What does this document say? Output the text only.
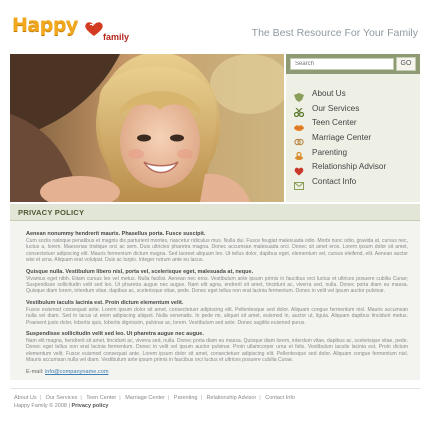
Happy
family	The Best Resource For Your Family
Search
GO
About Us
Our Services
Teen Center
Marriage Center
Parenting
Relationship Advisor
Contact Info
PRIVACY POLICY
Aenean nonummy hendrerit mauris. Phasellus porta. Fusce suscipit.
Cum sociis natoque penatibus et magnis dis parturient montes, nascetur ridiculus mus. Nulla dui. Fusce feugiat malesuada odio. Morbi nunc odio, gravida at, cursus nec, luctus a, lorem. Maecenas tristique orci ac sem. Duis ultricies pharetra magna. Donec accumsan malesuada orci. Donec sit amet eros. Lorem ipsum dolor sit amet, consectetuer adipiscing elit. Mauris fermentum dictum magna. Sed laoreet aliquam leo. Ut tellus dolor, dapibus eget, elementum vel, cursus eleifend, elit. Aenean auctor wisi et urna. Aliquam erat volutpat. Duis ac turpis. Integer rutrum ante eu lacus.
Quisque nulla. Vestibulum libero nisl, porta vel, scelerisque eget, malesuada at, neque.
Vivamus eget nibh. Etiam cursus leo vel metus. Nulla facilisi. Aenean nec eros. Vestibulum ante ipsum primis in faucibus orci luctus et ultrices posuere cubilia Curae; Suspendisse sollicitudin velit sed leo. Ut pharetra augue nec augue. Nam elit agna, endrerit sit amet, tincidunt ac, viverra sed, nulla. Donec porta diam eu massa. Quisque diam lorem, interdum vitae, dapibus ac, scelerisque vitae, pede. Donec eget tellus non erat lacinia fermentum. Donec in velit vel ipsum auctor pulvinar.
Vestibulum iaculis lacinia est. Proin dictum elementum velit.
Fusce euismod consequat ante. Lorem ipsum dolor sit amet, consectetuer adipiscing elit. Pellentesque sed dolor. Aliquam congue fermentum nisl. Mauris accumsan nulla vel diam. Sed in lacus ut enim adipiscing aliquet. Nulla venenatis. In pede mi, aliquet sit amet, euismod in, auctor ut, ligula. Aliquam dapibus tincidunt metus. Praesent justo dolor, lobortis quis, lobortis dignissim, pulvinar ac, lorem. Vestibulum sed ante. Donec sagittis euismod purus.
Suspendisse sollicitudin velit sed leo. Ut pharetra augue nec augue.
Nam elit magna, hendrerit sit amet, tincidunt ac, viverra sed, nulla. Donec porta diam eu massa. Quisque diam lorem, interdum vitae, dapibus ac, scelerisque vitae, pede. Donec eget tellus non erat lacinia fermentum. Donec in velit vel ipsum auctor pulvinar. Proin ullamcorper urna et felis. Vestibulum iaculis lacinia est. Proin dictum elementum velit. Fusce euismod consequat ante. Lorem ipsum dolor sit amet, consectetuer adipiscing elit. Pellentesque sed dolor. Aliquam congue fermentum nisl. Mauris accumsan nulla vel diam. Vestibulum ante ipsum primis in faucibus orci luctus et ultrices posuere cubilia Curae.
E-mail: info@companyname.com
About Us | Our Services | Teen Center | Marriage Center | Parenting | Relationship Advisor | Contact Info
Happy Family © 2008 | Privacy policy
